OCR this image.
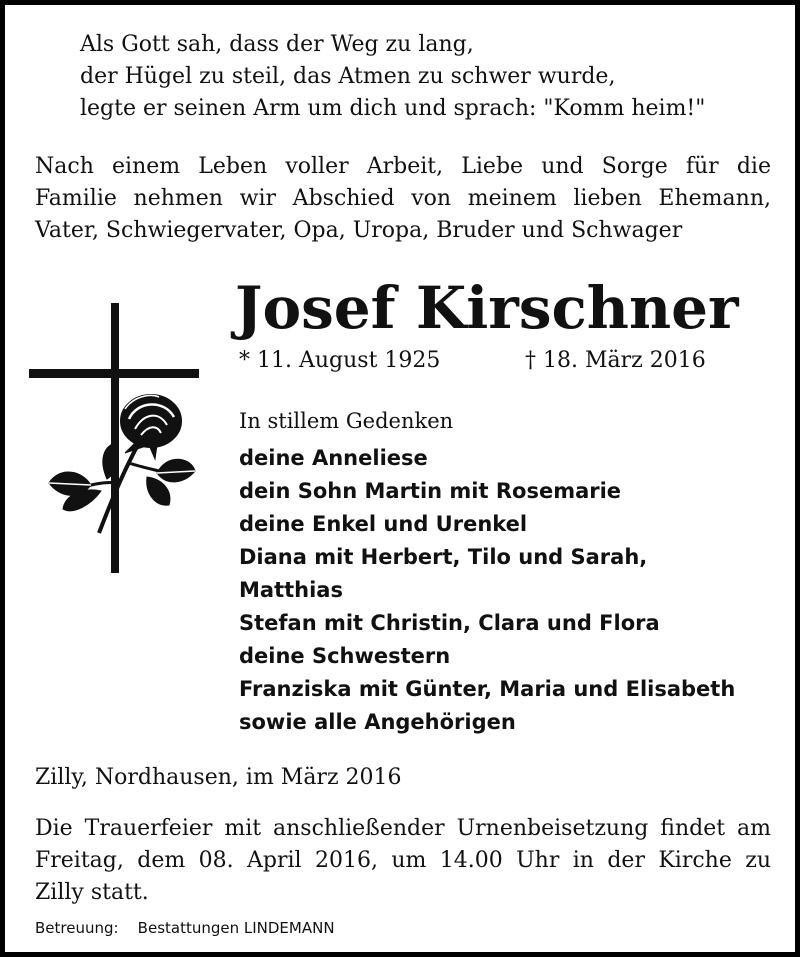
Als Gott sah, dass der Weg zu lang,
der Hügel zu steil, das Atmen zu schwer wurde,
legte er seinen Arm um dich und sprach: "Komm heim!"
Nach einem Leben voller Arbeit, Liebe und Sorge für die
Familie nehmen wir Abschied von meinem lieben Ehemann,
Vater, Schwiegervater, Opa, Uropa, Bruder und Schwager
Josef Kirschner
* 11. August 1925	† 18. März 2016
In stillem Gedenken
deine Anneliese
dein Sohn Martin mit Rosemarie
deine Enkel und Urenkel
Diana mit Herbert, Tilo und Sarah,
Matthias
Stefan mit Christin, Clara und Flora
deine Schwestern
Franziska mit Günter, Maria und Elisabeth
sowie alle Angehörigen
Zilly, Nordhausen, im März 2016
Die Trauerfeier mit anschließender Urnenbeisetzung findet am
Freitag, dem 08. April 2016, um 14.00 Uhr in der Kirche zu
Zilly statt.
Betreuung: Bestattungen LINDEMANN
